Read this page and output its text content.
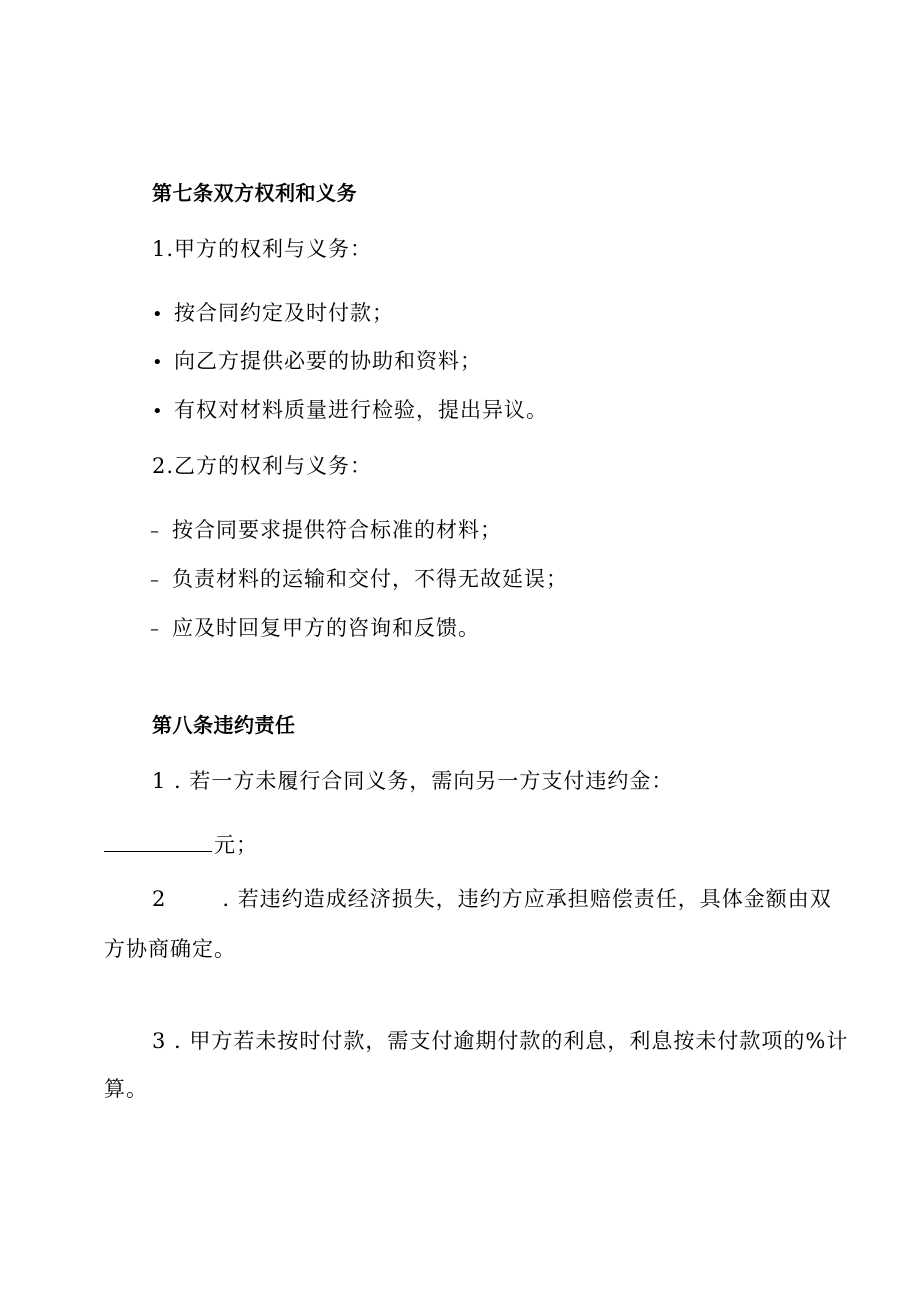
第七条双方权利和义务
1.甲方的权利与义务：
• 按合同约定及时付款；
• 向乙方提供必要的协助和资料；
• 有权对材料质量进行检验，提出异议。
2.乙方的权利与义务：
– 按合同要求提供符合标准的材料；
– 负责材料的运输和交付，不得无故延误；
– 应及时回复甲方的咨询和反馈。
第八条违约责任
1 . 若一方未履行合同义务，需向另一方支付违约金：
元；
2	. 若违约造成经济损失，违约方应承担赔偿责任，具体金额由双
方协商确定。
3 . 甲方若未按时付款，需支付逾期付款的利息，利息按未付款项的%计
算。
